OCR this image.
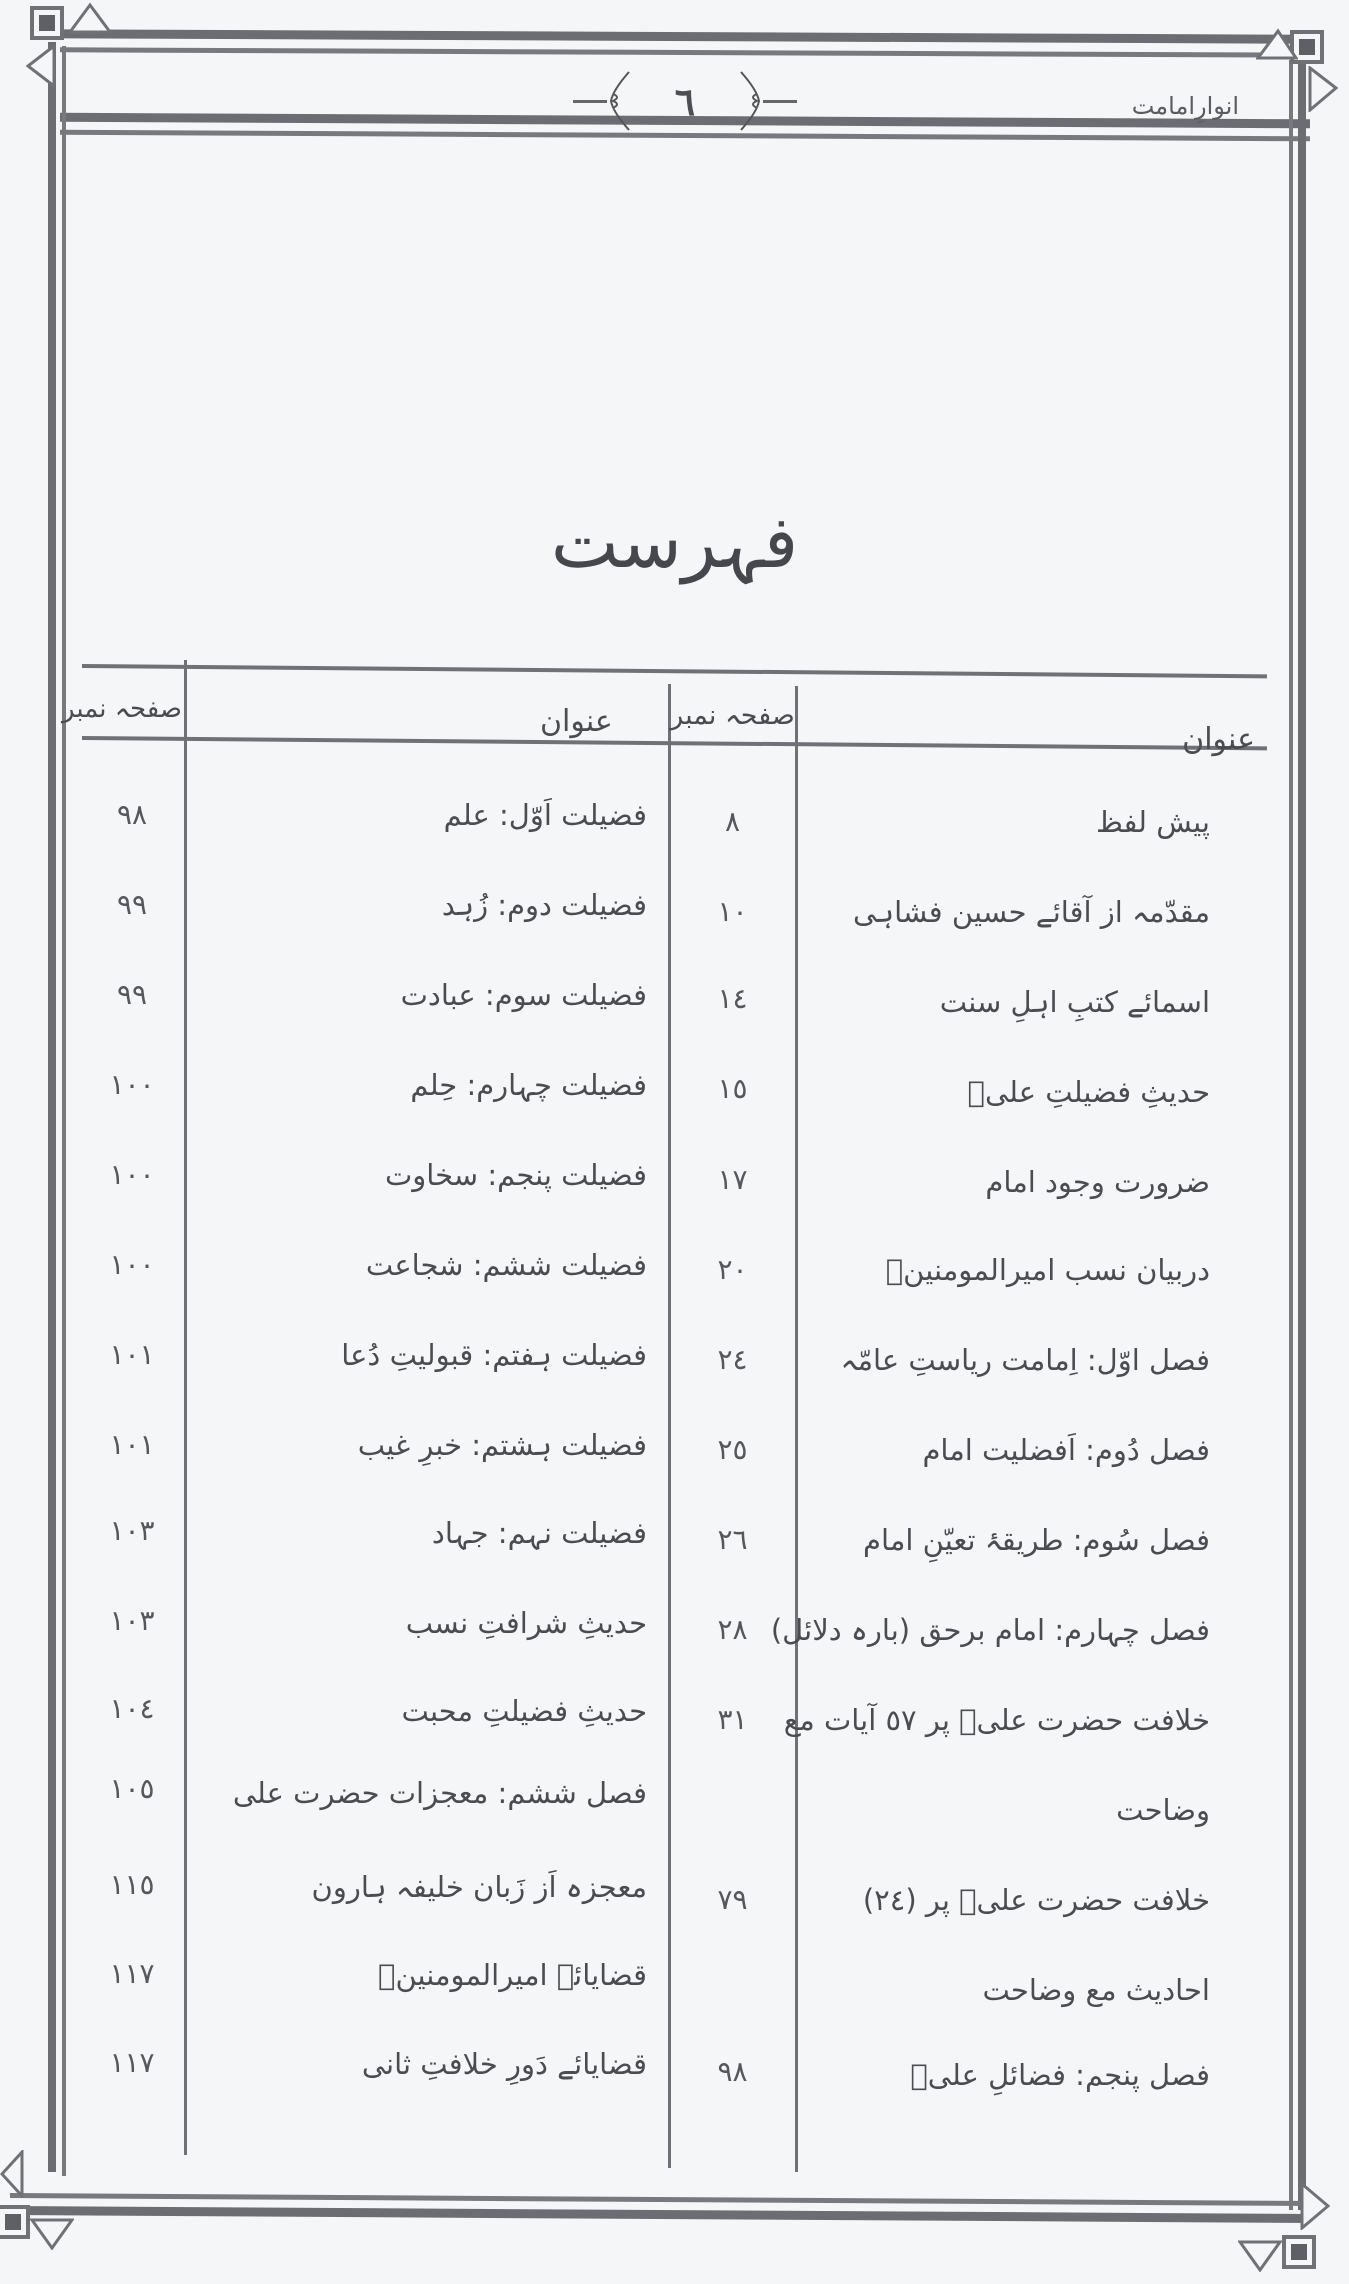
انوارِامامت
٦
فہرست
عنوان
صفحہ نمبر
عنوان
صفحہ نمبر
پیش لفظ
٨
مقدّمہ از آقائے حسین فشاہی
١٠
اسمائے کتبِ اہلِ سنت
١٤
حدیثِ فضیلتِ علیؑ
١٥
ضرورت وجود امام
١٧
دربیان نسب امیرالمومنینؑ
٢٠
فصل اوّل: اِمامت ریاستِ عامّہ
٢٤
فصل دُوم: اَفضلیت امام
٢٥
فصل سُوم: طریقۂ تعیّنِ امام
٢٦
فصل چہارم: امام برحق (بارہ دلائل)
٢٨
خلافت حضرت علیؑ پر ٥٧ آیات مع
٣١
وضاحت
خلافت حضرت علیؑ پر (٢٤)
٧٩
احادیث مع وضاحت
فصل پنجم: فضائلِ علیؑ
٩٨
فضیلت اَوّل: علم
٩٨
فضیلت دوم: زُہد
٩٩
فضیلت سوم: عبادت
٩٩
فضیلت چہارم: حِلم
١٠٠
فضیلت پنجم: سخاوت
١٠٠
فضیلت ششم: شجاعت
١٠٠
فضیلت ہفتم: قبولیتِ دُعا
١٠١
فضیلت ہشتم: خبرِ غیب
١٠١
فضیلت نہم: جہاد
١٠٣
حدیثِ شرافتِ نسب
١٠٣
حدیثِ فضیلتِ محبت
١٠٤
فصل ششم: معجزات حضرت علی
١٠٥
معجزہ اَز زَبان خلیفہ ہارون
١١٥
قضایائے امیرالمومنینؑ
١١٧
قضایائے دَورِ خلافتِ ثانی
١١٧
